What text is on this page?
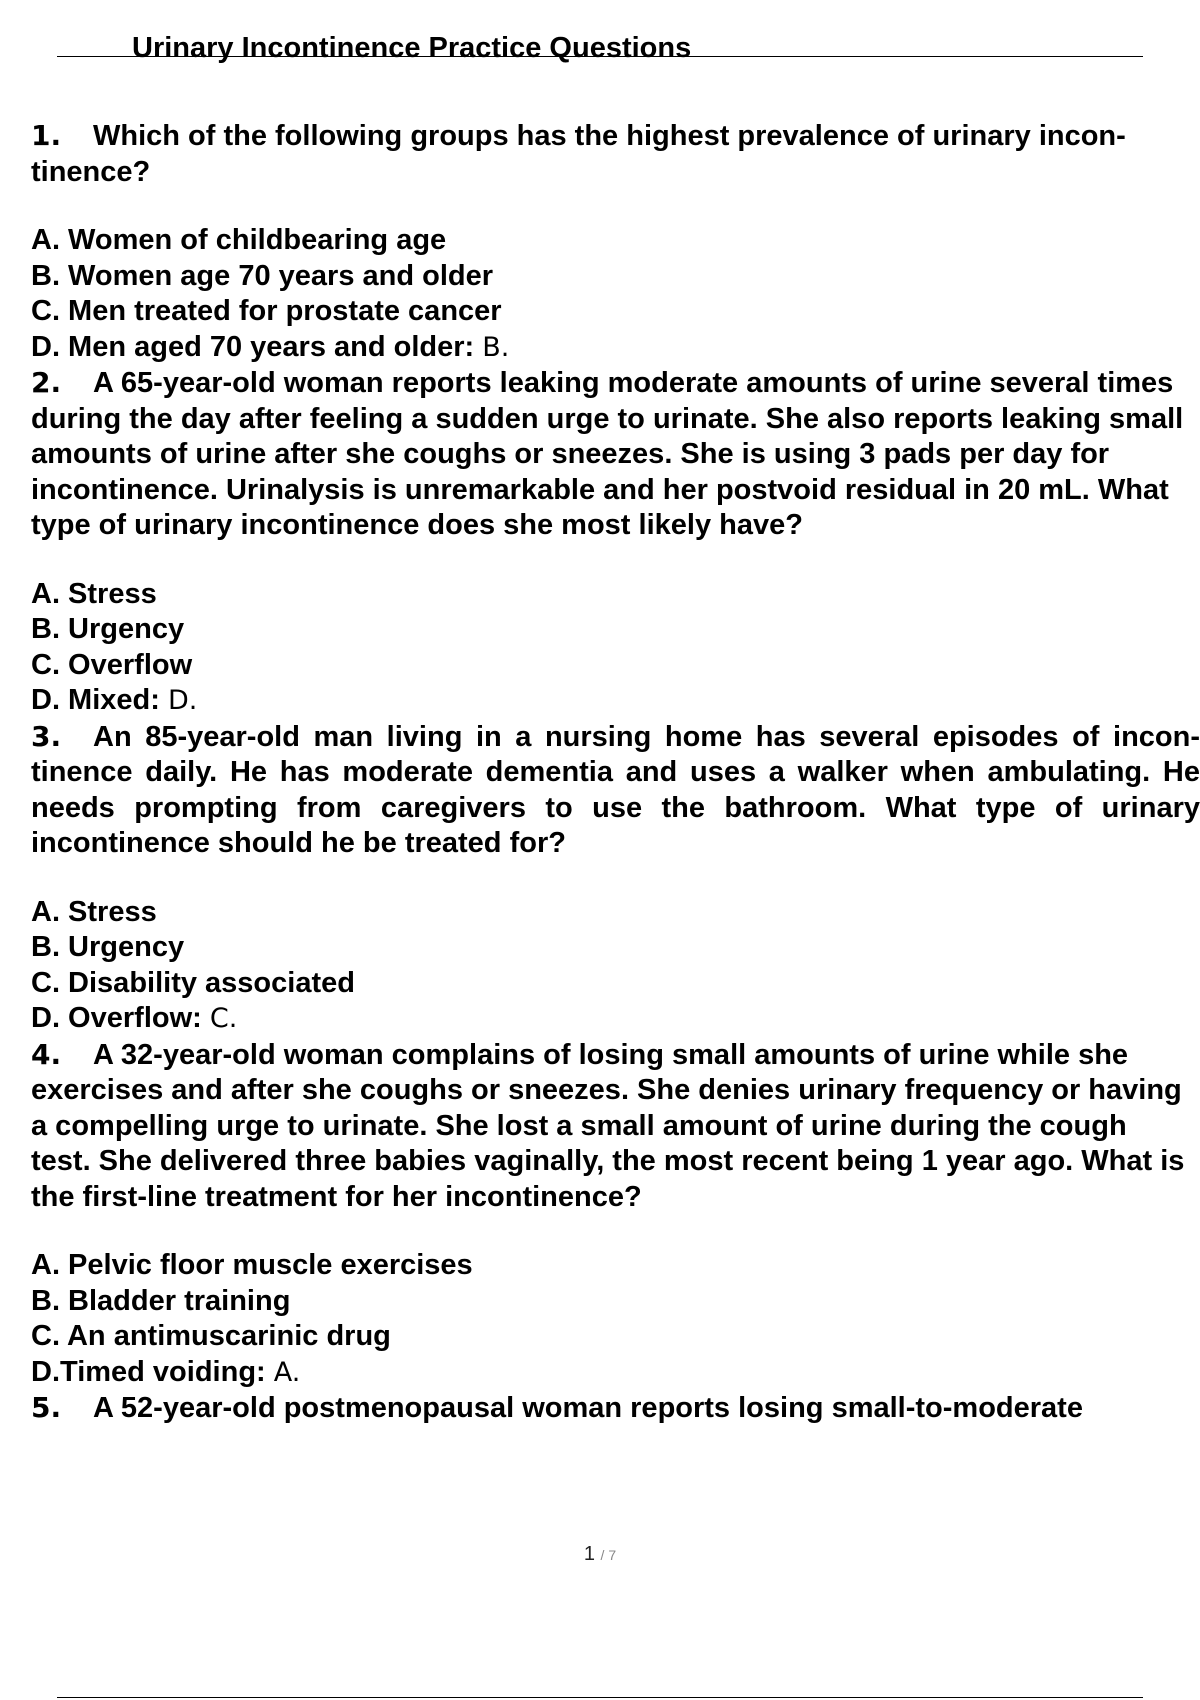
Urinary Incontinence Practice Questions
1. Which of the following groups has the highest prevalence of urinary incon- tinence?
A. Women of childbearing age
B. Women age 70 years and older
C. Men treated for prostate cancer
D. Men aged 70 years and older: B.
2. A 65-year-old woman reports leaking moderate amounts of urine several times during the day after feeling a sudden urge to urinate. She also reports leaking small amounts of urine after she coughs or sneezes. She is using 3 pads per day for incontinence. Urinalysis is unremarkable and her postvoid residual in 20 mL. What type of urinary incontinence does she most likely have?
A. Stress
B. Urgency
C. Overflow
D. Mixed: D.
3. An 85-year-old man living in a nursing home has several episodes of incon- tinence daily. He has moderate dementia and uses a walker when ambulating. He needs prompting from caregivers to use the bathroom. What type of urinary incontinence should he be treated for?
A. Stress
B. Urgency
C. Disability associated
D. Overflow: C.
4. A 32-year-old woman complains of losing small amounts of urine while she exercises and after she coughs or sneezes. She denies urinary frequency or having a compelling urge to urinate. She lost a small amount of urine during the cough test. She delivered three babies vaginally, the most recent being 1 year ago. What is the first-line treatment for her incontinence?
A. Pelvic floor muscle exercises
B. Bladder training
C. An antimuscarinic drug
D.Timed voiding: A.
5. A 52-year-old postmenopausal woman reports losing small-to-moderate
1 / 7
